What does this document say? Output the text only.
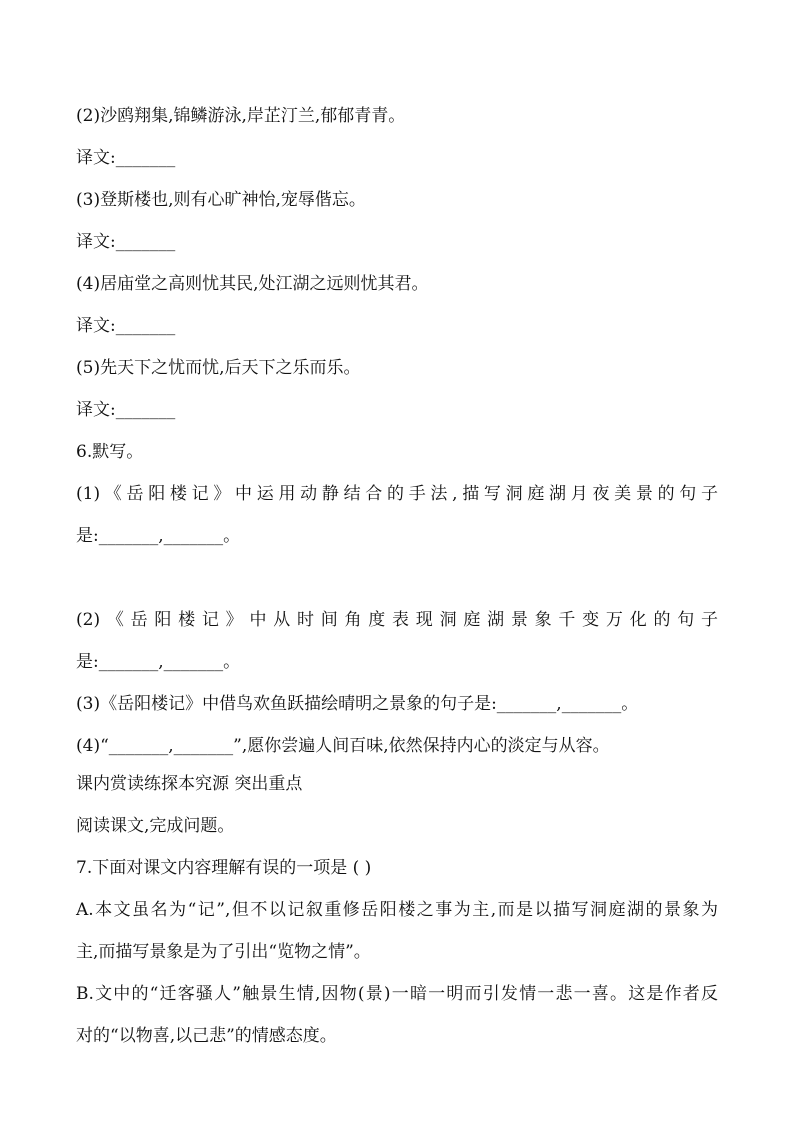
(2)沙鸥翔集,锦鳞游泳,岸芷汀兰,郁郁青青。
译文:_______
(3)登斯楼也,则有心旷神怡,宠辱偕忘。
译文:_______
(4)居庙堂之高则忧其民,处江湖之远则忧其君。
译文:_______
(5)先天下之忧而忧,后天下之乐而乐。
译文:_______
6.默写。
(1)《岳阳楼记》中运用动静结合的手法,描写洞庭湖月夜美景的句子
是:_______,_______。
(2)《岳阳楼记》中从时间角度表现洞庭湖景象千变万化的句子
是:_______,_______。
(3)《岳阳楼记》中借鸟欢鱼跃描绘晴明之景象的句子是:_______,_______。
(4)“_______,_______”,愿你尝遍人间百味,依然保持内心的淡定与从容。
课内赏读练探本究源 突出重点
阅读课文,完成问题。
7.下面对课文内容理解有误的一项是 ( )
A.本文虽名为“记”,但不以记叙重修岳阳楼之事为主,而是以描写洞庭湖的景象为
主,而描写景象是为了引出“览物之情”。
B.文中的“迁客骚人”触景生情,因物(景)一暗一明而引发情一悲一喜。这是作者反
对的“以物喜,以己悲”的情感态度。
